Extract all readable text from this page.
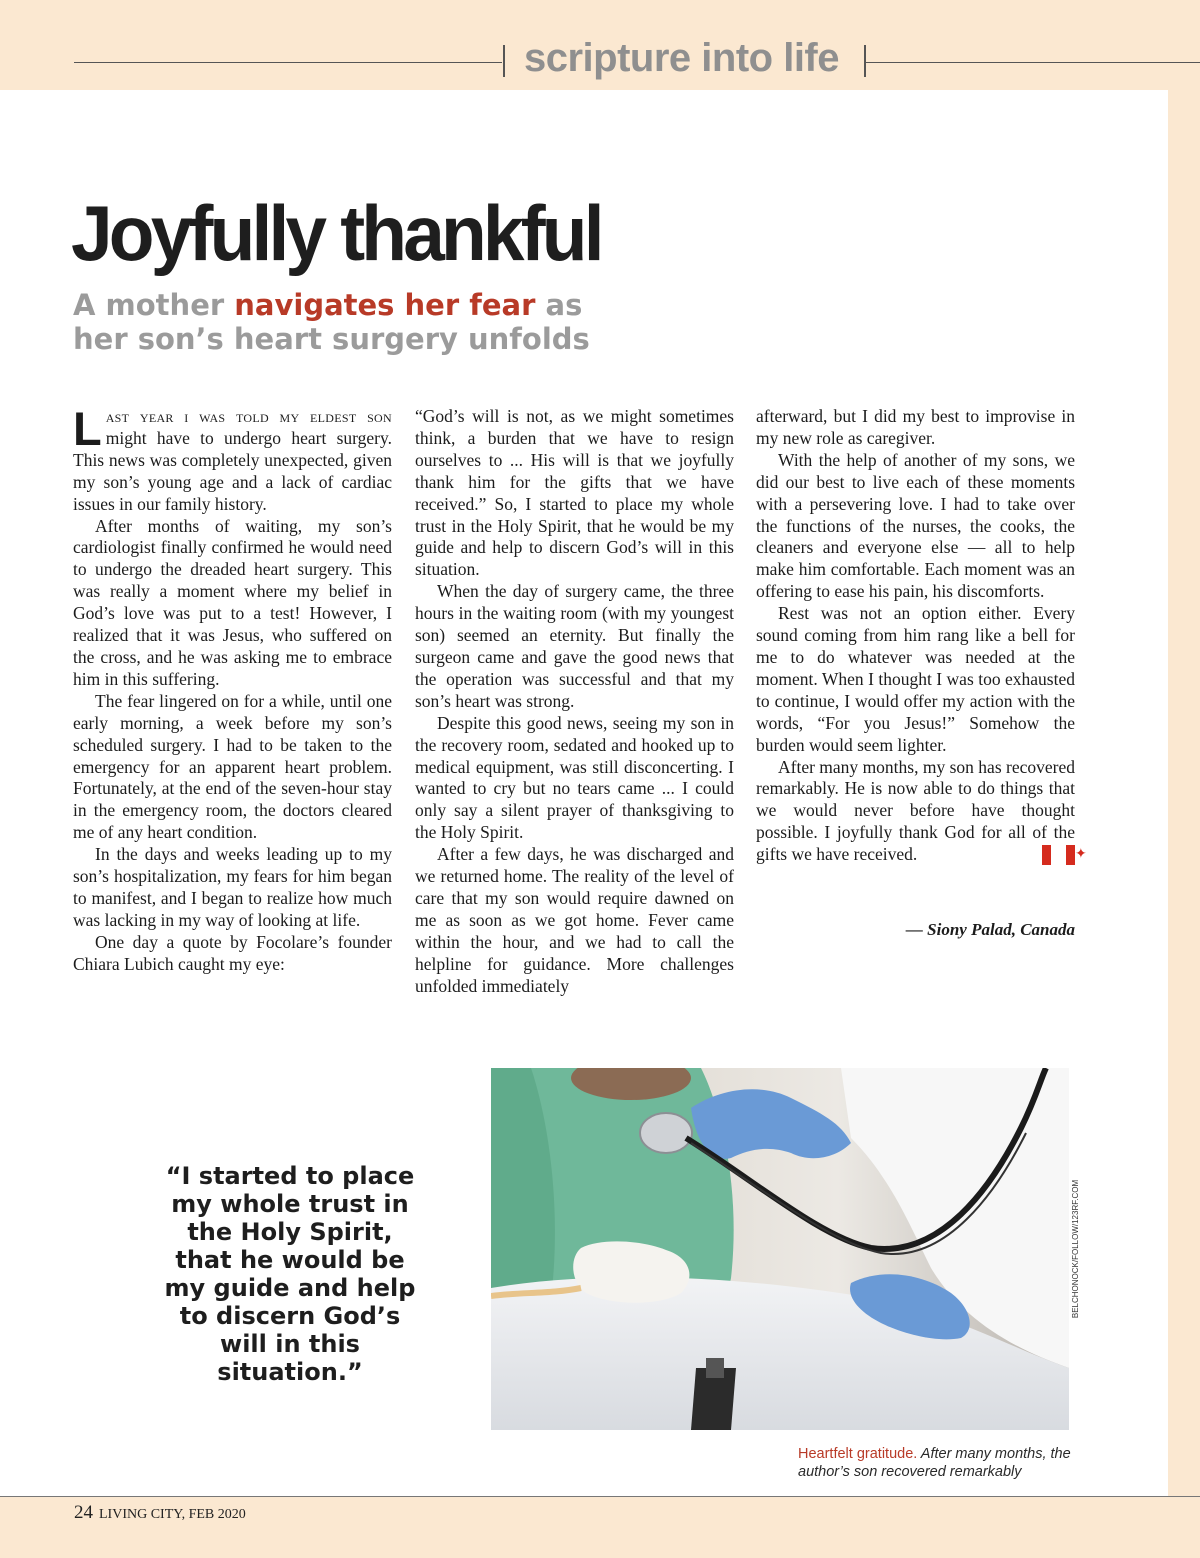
scripture into life
Joyfully thankful
A mother navigates her fear as her son’s heart surgery unfolds

Last year i was told my eldest son might have to undergo heart surgery. This news was completely unexpected, given my son’s young age and a lack of cardiac issues in our family history.

After months of waiting, my son’s cardiologist finally confirmed he would need to undergo the dreaded heart surgery. This was really a moment where my belief in God’s love was put to a test! However, I realized that it was Jesus, who suffered on the cross, and he was asking me to embrace him in this suffering.

The fear lingered on for a while, until one early morning, a week before my son’s scheduled surgery. I had to be taken to the emergency for an apparent heart problem. Fortunately, at the end of the seven-hour stay in the emergency room, the doctors cleared me of any heart condition.

In the days and weeks leading up to my son’s hospitalization, my fears for him began to manifest, and I began to realize how much was lacking in my way of looking at life.

One day a quote by Focolare’s founder Chiara Lubich caught my eye:

“God’s will is not, as we might sometimes think, a burden that we have to resign ourselves to ... His will is that we joyfully thank him for the gifts that we have received.” So, I started to place my whole trust in the Holy Spirit, that he would be my guide and help to discern God’s will in this situation.

When the day of surgery came, the three hours in the waiting room (with my youngest son) seemed an eternity. But finally the surgeon came and gave the good news that the operation was successful and that my son’s heart was strong.

Despite this good news, seeing my son in the recovery room, sedated and hooked up to medical equipment, was still disconcerting. I wanted to cry but no tears came ... I could only say a silent prayer of thanksgiving to the Holy Spirit.

After a few days, he was discharged and we returned home. The reality of the level of care that my son would require dawned on me as soon as we got home. Fever came within the hour, and we had to call the helpline for guidance. More challenges unfolded immediately

afterward, but I did my best to improvise in my new role as caregiver.

With the help of another of my sons, we did our best to live each of these moments with a persevering love. I had to take over the functions of the nurses, the cooks, the cleaners and everyone else — all to help make him comfortable. Each moment was an offering to ease his pain, his discomforts.

Rest was not an option either. Every sound coming from him rang like a bell for me to do whatever was needed at the moment. When I thought I was too exhausted to continue, I would offer my action with the words, “For you Jesus!” Somehow the burden would seem lighter.

After many months, my son has recovered remarkably. He is now able to do things that we would never before have thought possible. I joyfully thank God for all of the gifts we have received.	✦

— Siony Palad, Canada
“I started to place my whole trust in the Holy Spirit, that he would be my guide and help to discern God’s will in this situation.”
BELCHONOCK/FOLLOW/123RF.COM
Heartfelt gratitude. After many months, the author’s son recovered remarkably
24 LIVING CITY, FEB 2020
